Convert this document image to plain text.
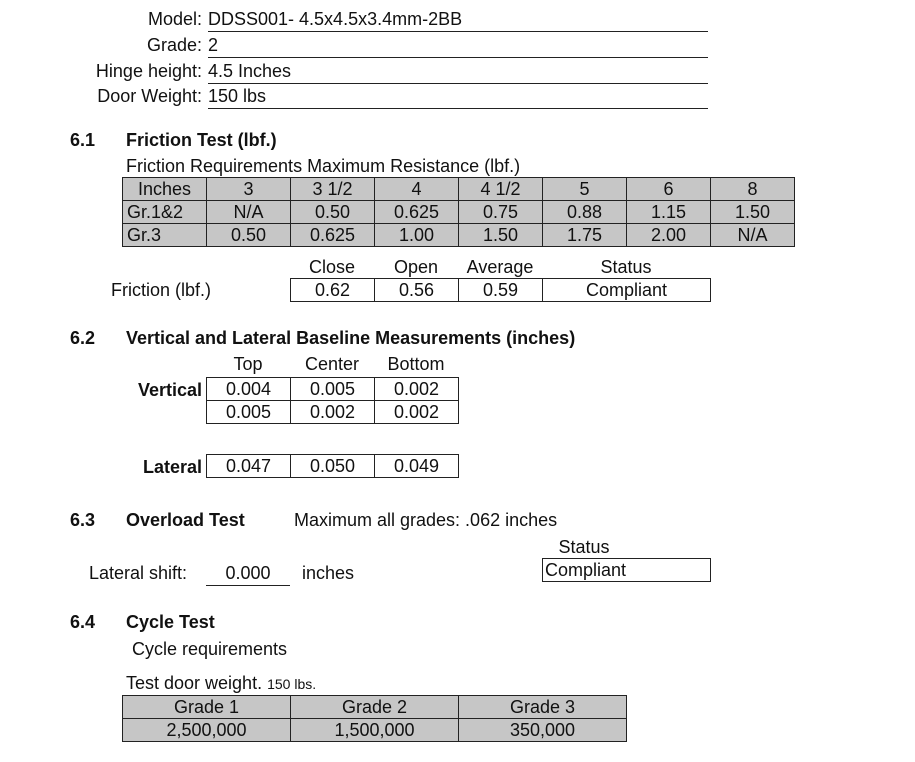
Model: DDSS001- 4.5x4.5x3.4mm-2BB
Grade: 2
Hinge height: 4.5 Inches
Door Weight: 150 lbs
6.1 Friction Test (lbf.)
Friction Requirements Maximum Resistance (lbf.)
Inches	3	3 1/2	4	4 1/2	5	6	8
Gr.1&2	N/A	0.50	0.625	0.75	0.88	1.15	1.50
Gr.3	0.50	0.625	1.00	1.50	1.75	2.00	N/A
Close	Open	Average	Status
Friction (lbf.)	0.62	0.56	0.59	Compliant
6.2 Vertical and Lateral Baseline Measurements (inches)
Top	Center	Bottom
Vertical 0.004	0.005	0.002
0.005	0.002	0.002
Lateral 0.047	0.050	0.049
6.3 Overload Test	Maximum all grades: .062 inches
Status
Lateral shift:	0.000	inches	Compliant
6.4 Cycle Test
Cycle requirements
Test door weight. 150 lbs.
Grade 1	Grade 2	Grade 3
2,500,000	1,500,000	350,000
